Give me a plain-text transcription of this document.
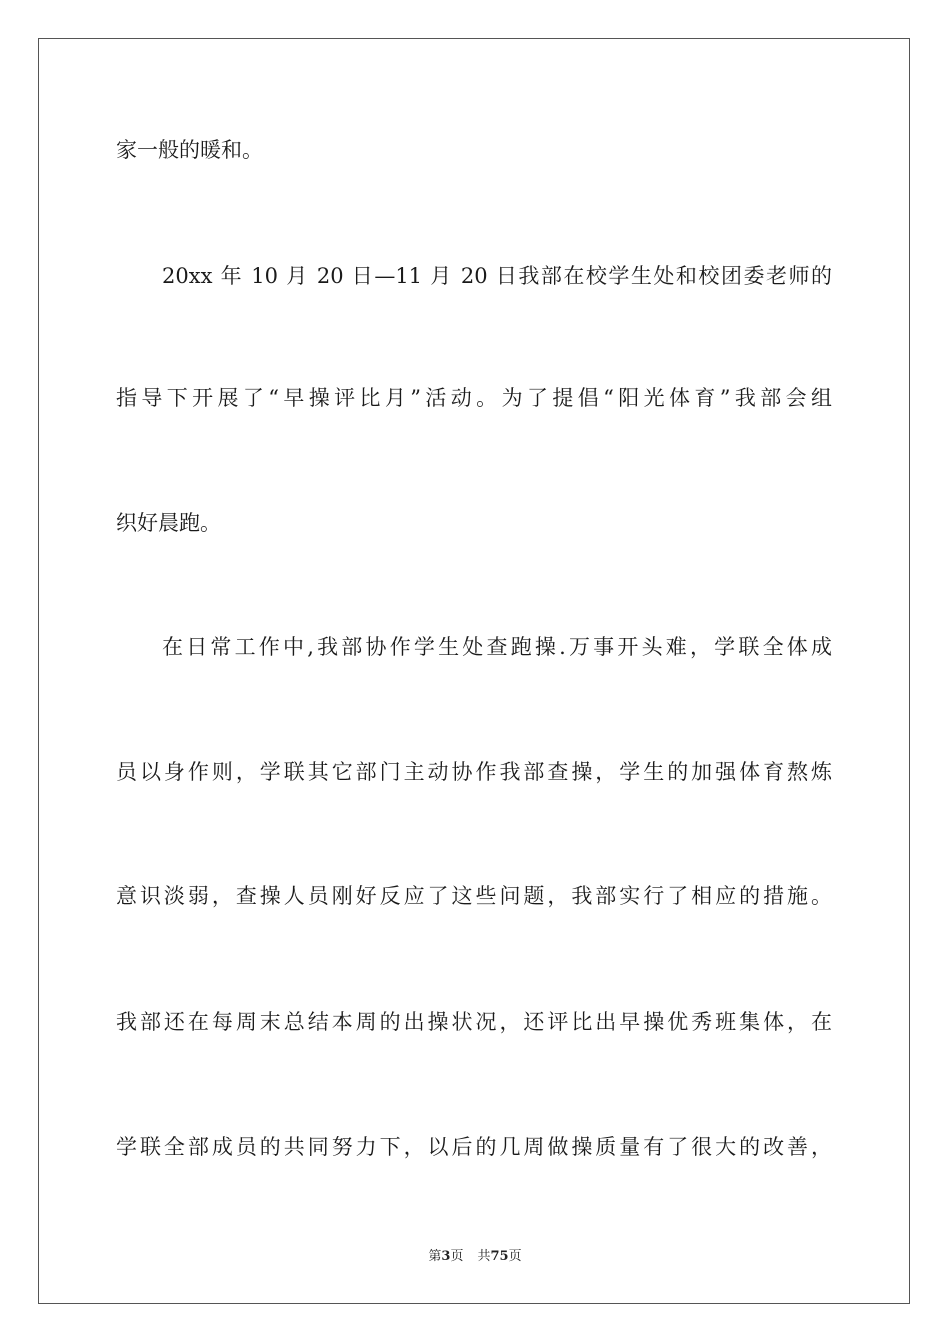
家一般的暖和。

20xx 年 10 月 20 日—11 月 20 日我部在校学生处和校团委老师的

指导下开展了“早操评比月”活动。为了提倡“阳光体育”我部会组

织好晨跑。

在日常工作中,我部协作学生处查跑操.万事开头难，学联全体成

员以身作则，学联其它部门主动协作我部查操，学生的加强体育熬炼

意识淡弱，查操人员刚好反应了这些问题，我部实行了相应的措施。

我部还在每周末总结本周的出操状况，还评比出早操优秀班集体，在

学联全部成员的共同努力下，以后的几周做操质量有了很大的改善，

第3页 共75页
